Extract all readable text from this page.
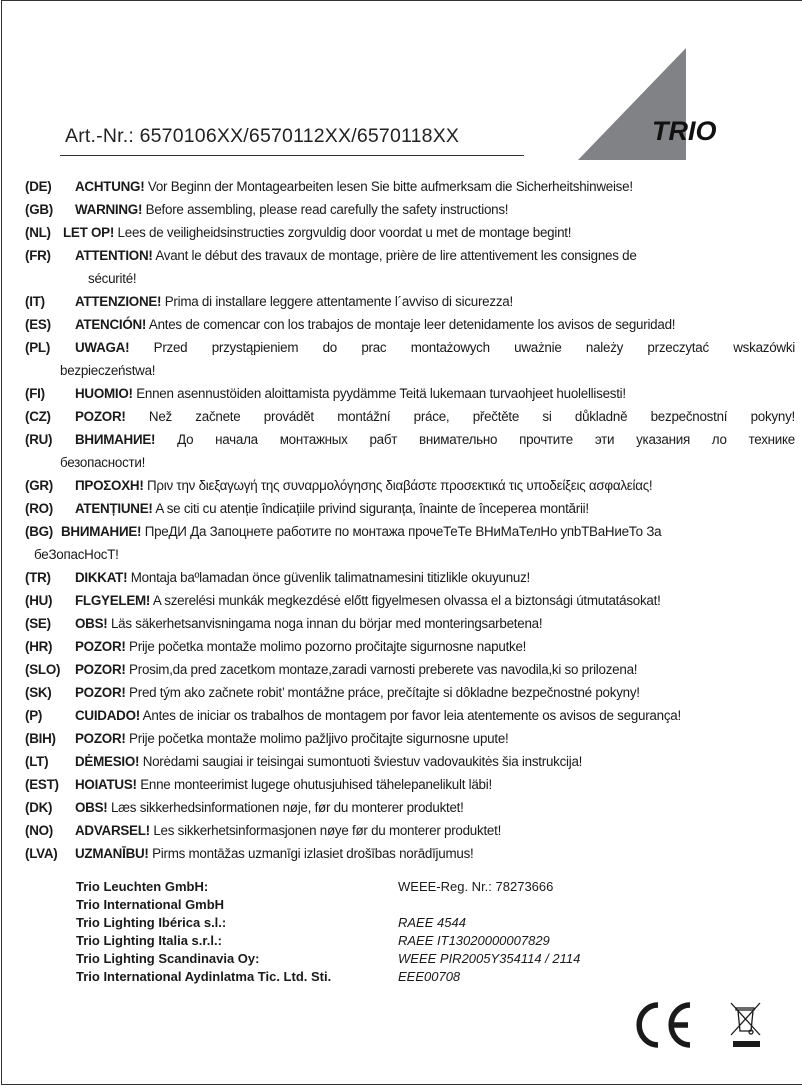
Art.-Nr.: 6570106XX/6570112XX/6570118XX	TRIO
(DE) ACHTUNG! Vor Beginn der Montagearbeiten lesen Sie bitte aufmerksam die Sicherheitshinweise!
(GB) WARNING! Before assembling, please read carefully the safety instructions!
(NL) LET OP! Lees de veiligheidsinstructies zorgvuldig door voordat u met de montage begint!
(FR) ATTENTION! Avant le début des travaux de montage, prière de lire attentivement les consignes de
sécurité!
(IT) ATTENZIONE! Prima di installare leggere attentamente l´avviso di sicurezza!
(ES) ATENCIÓN! Antes de comencar con los trabajos de montaje leer detenidamente los avisos de seguridad!
(PL) UWAGA! Przed przystąpieniem do prac montażowych uważnie należy przeczytać wskazówki
bezpieczeństwa!
(FI) HUOMIO! Ennen asennustöiden aloittamista pyydämme Teitä lukemaan turvaohjeet huolellisesti!
(CZ) POZOR! Než začnete provádět montážní práce, přečtěte si důkladně bezpečnostní pokyny!
(RU) ВНИМАНИЕ! До начала монтажных рабт внимательно прочтите эти указания ло технике
безопасности!
(GR) ΠΡΟΣΟΧΗ! Πριν την διεξαγωγή της συναρμολόγησης διαβάστε προσεκτικά τις υποδείξεις ασφαλείας!
(RO) ATENȚIUNE! A se citi cu atenție îndicațiile privind siguranța, înainte de începerea montării!
(BG) ВНИМАНИЕ! ПреДИ Да Запоцнете работите по монтажа прочеТеТе ВНиМаТелНо упbТВаНиеТо За
беЗопасНосТ!
(TR) DIKKAT! Montaja baºlamadan önce güvenlik talimatnamesini titizlikle okuyunuz!
(HU) FLGYELEM! A szerelési munkák megkezdésė előtt figyelmesen olvassa el a biztonsági útmutatásokat!
(SE) OBS! Läs säkerhetsanvisningama noga innan du börjar med monteringsarbetena!
(HR) POZOR! Prije početka montaže molimo pozorno pročitajte sigurnosne naputke!
(SLO) POZOR! Prosim,da pred zacetkom montaze,zaradi varnosti preberete vas navodila,ki so prilozena!
(SK) POZOR! Pred tým ako začnete robit’ montážne práce, prečítajte si dôkladne bezpečnostné pokyny!
(P) CUIDADO! Antes de iniciar os trabalhos de montagem por favor leia atentemente os avisos de segurança!
(BIH) POZOR! Prije početka montaže molimo pažljivo pročitajte sigurnosne upute!
(LT) DĖMESIO! Norėdami saugiai ir teisingai sumontuoti šviestuv vadovaukitės šia instrukcija!
(EST) HOIATUS! Enne monteerimist lugege ohutusjuhised tähelepanelikult läbi!
(DK) OBS! Læs sikkerhedsinformationen nøje, før du monterer produktet!
(NO) ADVARSEL! Les sikkerhetsinformasjonen nøye før du monterer produktet!
(LVA) UZMANĪBU! Pirms montāžas uzmanīgi izlasiet drošības norādījumus!
Trio Leuchten GmbH:	WEEE-Reg. Nr.: 78273666
Trio International GmbH
Trio Lighting Ibérica s.l.:	RAEE 4544
Trio Lighting Italia s.r.l.:	RAEE IT13020000007829
Trio Lighting Scandinavia Oy:	WEEE PIR2005Y354114 / 2114
Trio International Aydinlatma Tic. Ltd. Sti.	EEE00708
